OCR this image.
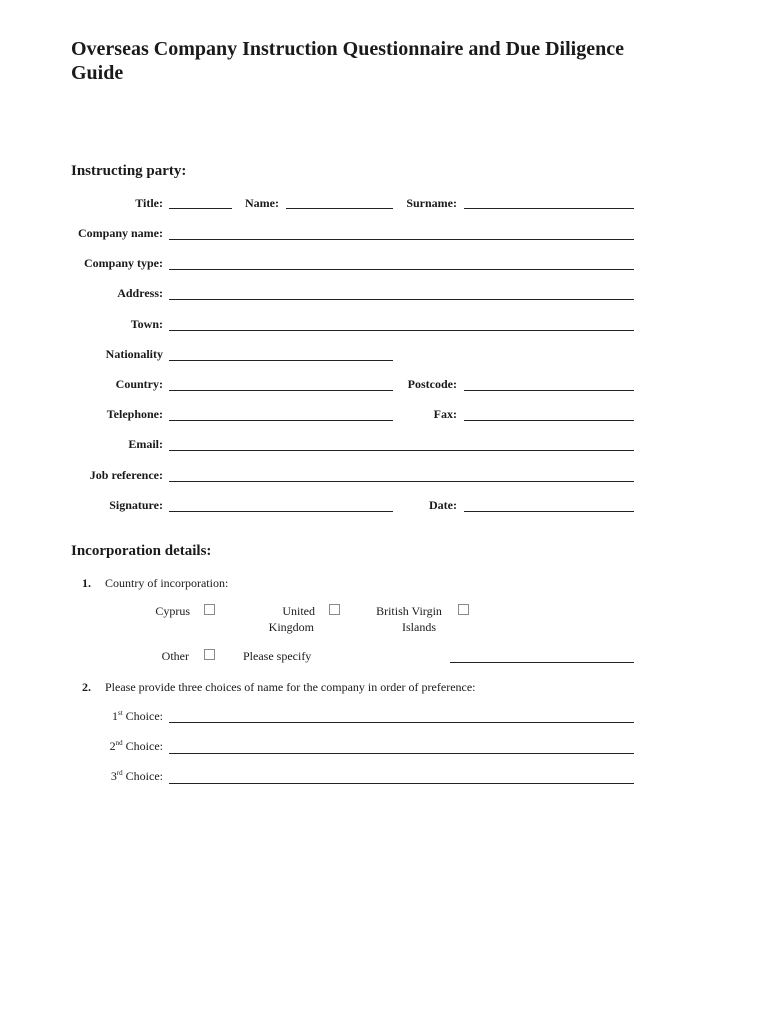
Overseas Company Instruction Questionnaire and Due Diligence Guide
Instructing party:
Title:	Name:	Surname:
Company name:
Company type:
Address:
Town:
Nationality
Country:	Postcode:
Telephone:	Fax:
Email:
Job reference:
Signature:	Date:
Incorporation details:
1. Country of incorporation:
Cyprus	United
Kingdom
British Virgin
Islands
Other	Please specify
2. Please provide three choices of name for the company in order of preference:
1st Choice:
2nd Choice:
3rd Choice:
